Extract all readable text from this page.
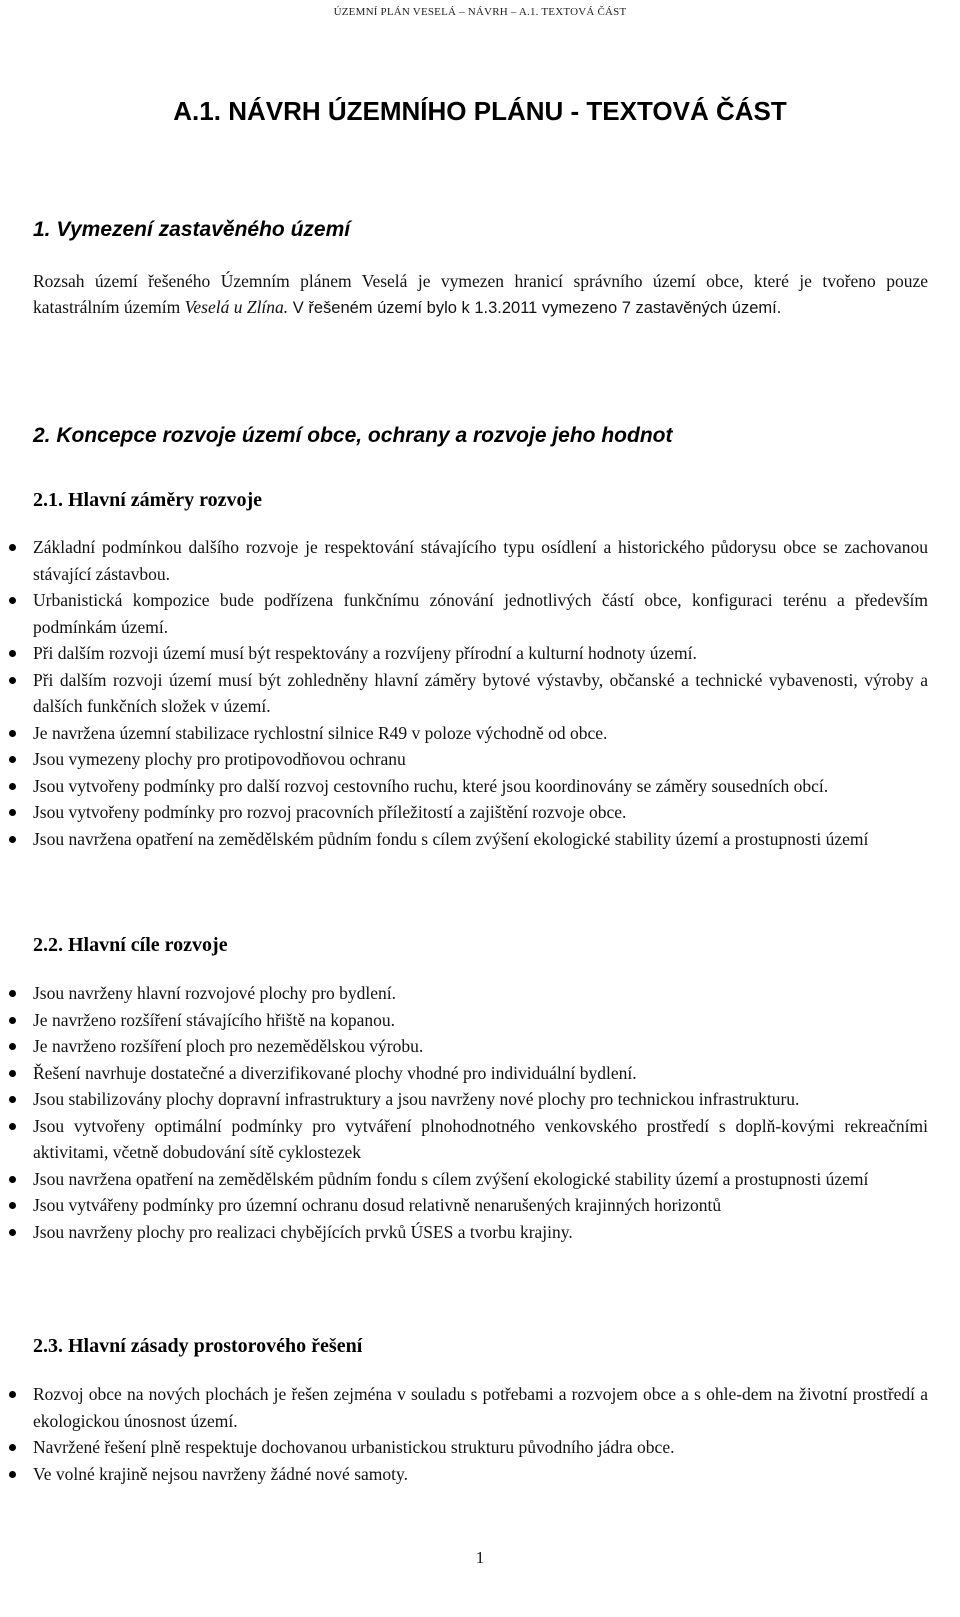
ÚZEMNÍ PLÁN VESELÁ – NÁVRH – A.1. TEXTOVÁ ČÁST
A.1. NÁVRH ÚZEMNÍHO PLÁNU - TEXTOVÁ ČÁST
1. Vymezení zastavěného území
Rozsah území řešeného Územním plánem Veselá je vymezen hranicí správního území obce, které je tvořeno pouze katastrálním územím Veselá u Zlína. V řešeném území bylo k 1.3.2011 vymezeno 7 zastavěných území.
2. Koncepce rozvoje území obce, ochrany a rozvoje jeho hodnot
2.1. Hlavní záměry rozvoje
Základní podmínkou dalšího rozvoje je respektování stávajícího typu osídlení a historického půdorysu obce se zachovanou stávající zástavbou.
Urbanistická kompozice bude podřízena funkčnímu zónování jednotlivých částí obce, konfiguraci terénu a především podmínkám území.
Při dalším rozvoji území musí být respektovány a rozvíjeny přírodní a kulturní hodnoty území.
Při dalším rozvoji území musí být zohledněny hlavní záměry bytové výstavby, občanské a technické vybavenosti, výroby a dalších funkčních složek v území.
Je navržena územní stabilizace rychlostní silnice R49 v poloze východně od obce.
Jsou vymezeny plochy pro protipovodňovou ochranu
Jsou vytvořeny podmínky pro další rozvoj cestovního ruchu, které jsou koordinovány se záměry sousedních obcí.
Jsou vytvořeny podmínky pro rozvoj pracovních příležitostí a zajištění rozvoje obce.
Jsou navržena opatření na zemědělském půdním fondu s cílem zvýšení ekologické stability území a prostupnosti území
2.2. Hlavní cíle rozvoje
Jsou navrženy hlavní rozvojové plochy pro bydlení.
Je navrženo rozšíření stávajícího hřiště na kopanou.
Je navrženo rozšíření ploch pro nezemědělskou výrobu.
Řešení navrhuje dostatečné a diverzifikované plochy vhodné pro individuální bydlení.
Jsou stabilizovány plochy dopravní infrastruktury a jsou navrženy nové plochy pro technickou infrastrukturu.
Jsou vytvořeny optimální podmínky pro vytváření plnohodnotného venkovského prostředí s doplň-kovými rekreačními aktivitami, včetně dobudování sítě cyklostezek
Jsou navržena opatření na zemědělském půdním fondu s cílem zvýšení ekologické stability území a prostupnosti území
Jsou vytvářeny podmínky pro územní ochranu dosud relativně nenarušených krajinných horizontů
Jsou navrženy plochy pro realizaci chybějících prvků ÚSES a tvorbu krajiny.
2.3. Hlavní zásady prostorového řešení
Rozvoj obce na nových plochách je řešen zejména v souladu s potřebami a rozvojem obce a s ohle-dem na životní prostředí a ekologickou únosnost území.
Navržené řešení plně respektuje dochovanou urbanistickou strukturu původního jádra obce.
Ve volné krajině nejsou navrženy žádné nové samoty.
1
